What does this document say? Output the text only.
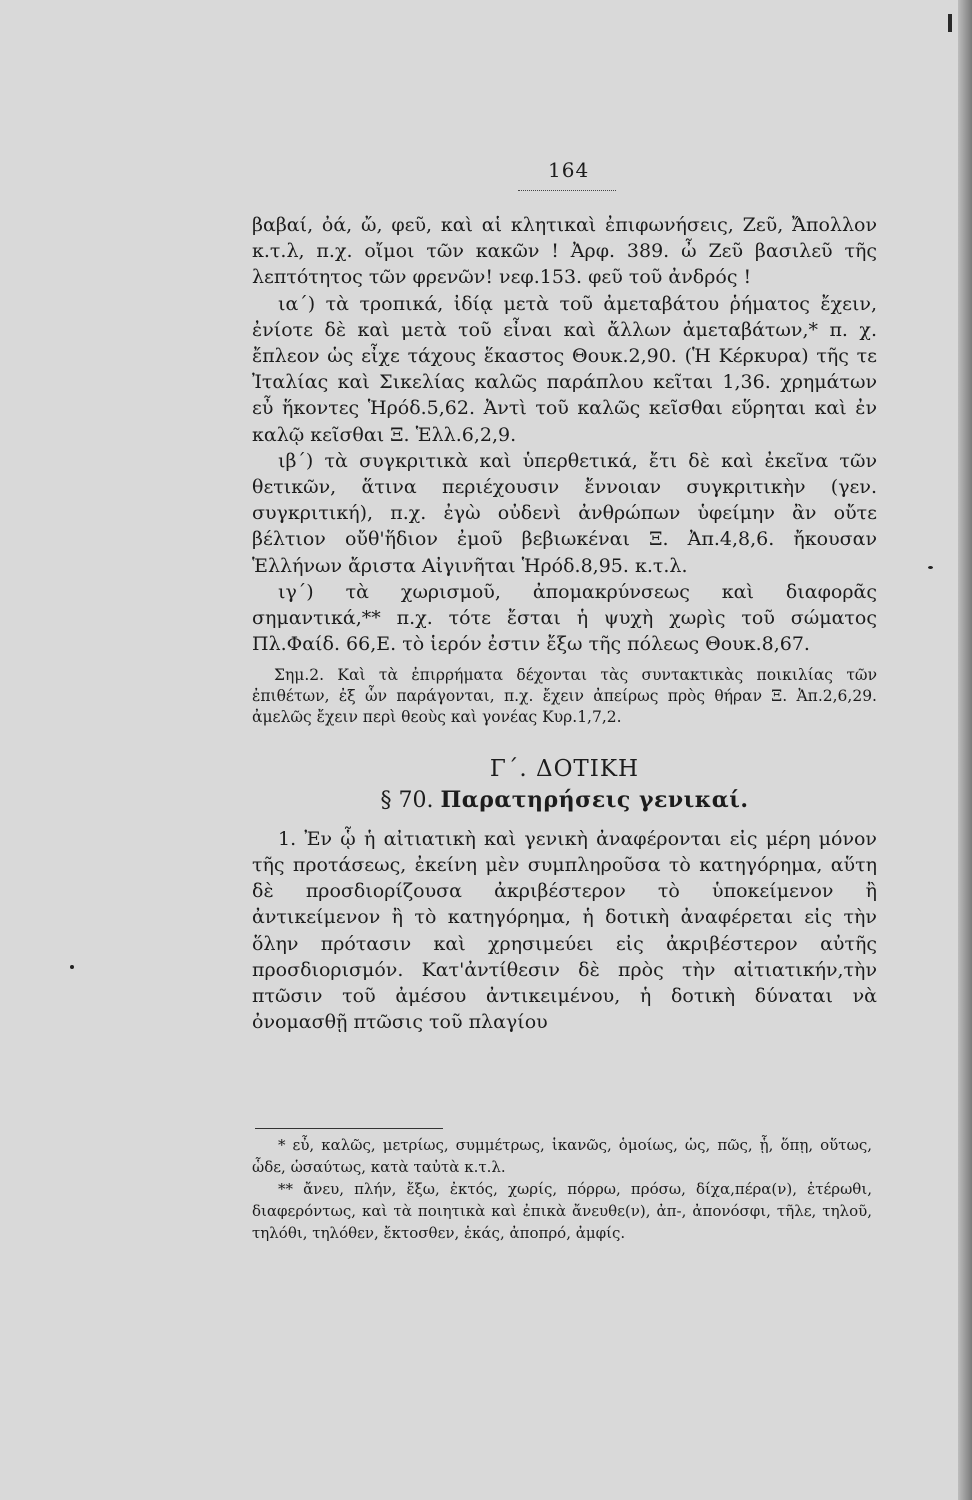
164

βαβαί, ὀά, ὤ, φεῦ, καὶ αἱ κλητικαὶ ἐπιφωνήσεις, Ζεῦ, Ἄπολλον κ.τ.λ, π.χ. οἴμοι τῶν κακῶν ! Ἀρφ. 389. ὦ Ζεῦ βασιλεῦ τῆς λεπτότητος τῶν φρενῶν! νεφ.153. φεῦ τοῦ ἀνδρός !

ια΄) τὰ τροπικά, ἰδίᾳ μετὰ τοῦ ἀμεταβάτου ῥήματος ἔχειν, ἐνίοτε δὲ καὶ μετὰ τοῦ εἶναι καὶ ἄλλων ἀμεταβάτων,* π. χ. ἔπλεον ὡς εἶχε τάχους ἕκαστος Θουκ.2,90. (Ἡ Κέρκυρα) τῆς τε Ἰταλίας καὶ Σικελίας καλῶς παράπλου κεῖται 1,36. χρημάτων εὖ ἥκοντες Ἡρόδ.5,62. Ἀντὶ τοῦ καλῶς κεῖσθαι εὕρηται καὶ ἐν καλῷ κεῖσθαι Ξ. Ἑλλ.6,2,9.

ιβ΄) τὰ συγκριτικὰ καὶ ὑπερθετικά, ἔτι δὲ καὶ ἐκεῖνα τῶν θετικῶν, ἅτινα περιέχουσιν ἔννοιαν συγκριτικὴν (γεν. συγκριτική), π.χ. ἐγὼ οὐδενὶ ἀνθρώπων ὑφείμην ἂν οὔτε βέλτιον οὔθ'ἥδιον ἐμοῦ βεβιωκέναι Ξ. Ἀπ.4,8,6. ἤκουσαν Ἑλλήνων ἄριστα Αἰγινῆται Ἡρόδ.8,95. κ.τ.λ.

ιγ΄) τὰ χωρισμοῦ, ἀπομακρύνσεως καὶ διαφορᾶς σημαντικά,** π.χ. τότε ἔσται ἡ ψυχὴ χωρὶς τοῦ σώματος Πλ.Φαίδ. 66,Ε. τὸ ἱερόν ἐστιν ἔξω τῆς πόλεως Θουκ.8,67.

Σημ.2. Καὶ τὰ ἐπιρρήματα δέχονται τὰς συντακτικὰς ποικιλίας τῶν ἐπιθέτων, ἐξ ὧν παράγονται, π.χ. ἔχειν ἀπείρως πρὸς θήραν Ξ. Ἀπ.2,6,29. ἀμελῶς ἔχειν περὶ θεοὺς καὶ γονέας Κυρ.1,7,2.

Γ΄. ΔΟΤΙΚΗ

§ 70. Παρατηρήσεις γενικαί.

1. Ἐν ᾧ ἡ αἰτιατικὴ καὶ γενικὴ ἀναφέρονται εἰς μέρη μόνον τῆς προτάσεως, ἐκείνη μὲν συμπληροῦσα τὸ κατηγόρημα, αὕτη δὲ προσδιορίζουσα ἀκριβέστερον τὸ ὑποκείμενον ἢ ἀντικείμενον ἢ τὸ κατηγόρημα, ἡ δοτικὴ ἀναφέρεται εἰς τὴν ὅλην πρότασιν καὶ χρησιμεύει εἰς ἀκριβέστερον αὐτῆς προσδιορισμόν. Κατ'ἀντίθεσιν δὲ πρὸς τὴν αἰτιατικήν,τὴν πτῶσιν τοῦ ἀμέσου ἀντικειμένου, ἡ δοτικὴ δύναται νὰ ὀνομασθῇ πτῶσις τοῦ πλαγίου

* εὖ, καλῶς, μετρίως, συμμέτρως, ἱκανῶς, ὁμοίως, ὡς, πῶς, ᾗ, ὅπῃ, οὕτως, ὧδε, ὡσαύτως, κατὰ ταὐτὰ κ.τ.λ.

** ἄνευ, πλήν, ἔξω, ἐκτός, χωρίς, πόρρω, πρόσω, δίχα,πέρα(ν), ἑτέρωθι, διαφερόντως, καὶ τὰ ποιητικὰ καὶ ἐπικὰ ἄνευθε(ν), ἀπ-, ἀπονόσφι, τῆλε, τηλοῦ, τηλόθι, τηλόθεν, ἔκτοσθεν, ἑκάς, ἀποπρό, ἀμφίς.
